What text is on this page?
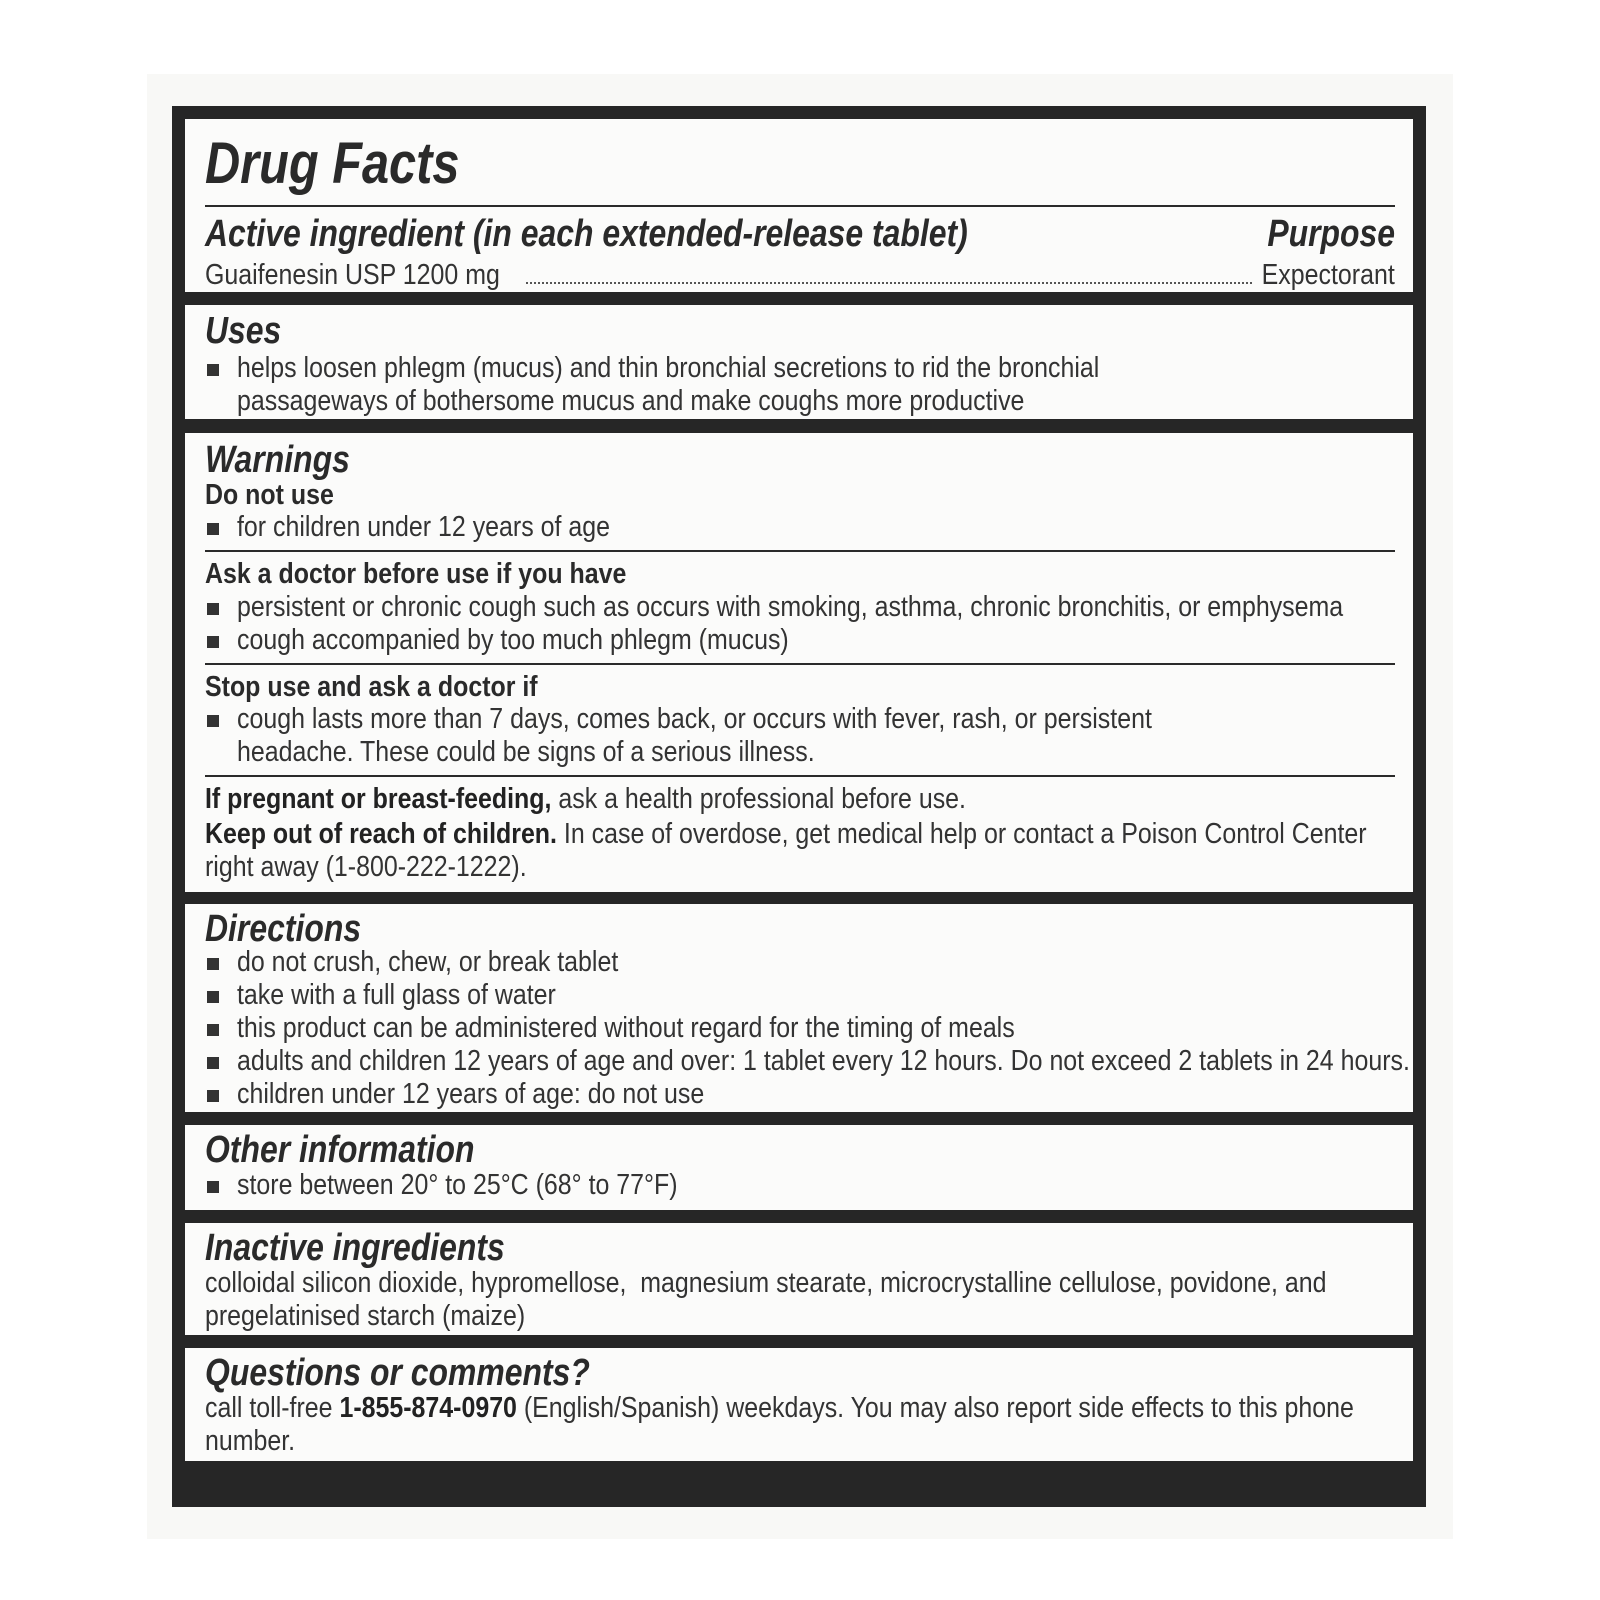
Drug Facts
Active ingredient (in each extended-release tablet)	Purpose
Guaifenesin USP 1200 mg	Expectorant
Uses
helps loosen phlegm (mucus) and thin bronchial secretions to rid the bronchial passageways of bothersome mucus and make coughs more productive
Warnings
Do not use
for children under 12 years of age
Ask a doctor before use if you have
persistent or chronic cough such as occurs with smoking, asthma, chronic bronchitis, or emphysema
cough accompanied by too much phlegm (mucus)
Stop use and ask a doctor if
cough lasts more than 7 days, comes back, or occurs with fever, rash, or persistent headache. These could be signs of a serious illness.
If pregnant or breast-feeding, ask a health professional before use.
Keep out of reach of children. In case of overdose, get medical help or contact a Poison Control Center right away (1-800-222-1222).
Directions
do not crush, chew, or break tablet
take with a full glass of water
this product can be administered without regard for the timing of meals
adults and children 12 years of age and over: 1 tablet every 12 hours. Do not exceed 2 tablets in 24 hours.
children under 12 years of age: do not use
Other information
store between 20° to 25°C (68° to 77°F)
Inactive ingredients
colloidal silicon dioxide, hypromellose,  magnesium stearate, microcrystalline cellulose, povidone, and pregelatinised starch (maize)
Questions or comments?
call toll-free 1-855-874-0970 (English/Spanish) weekdays. You may also report side effects to this phone number.
